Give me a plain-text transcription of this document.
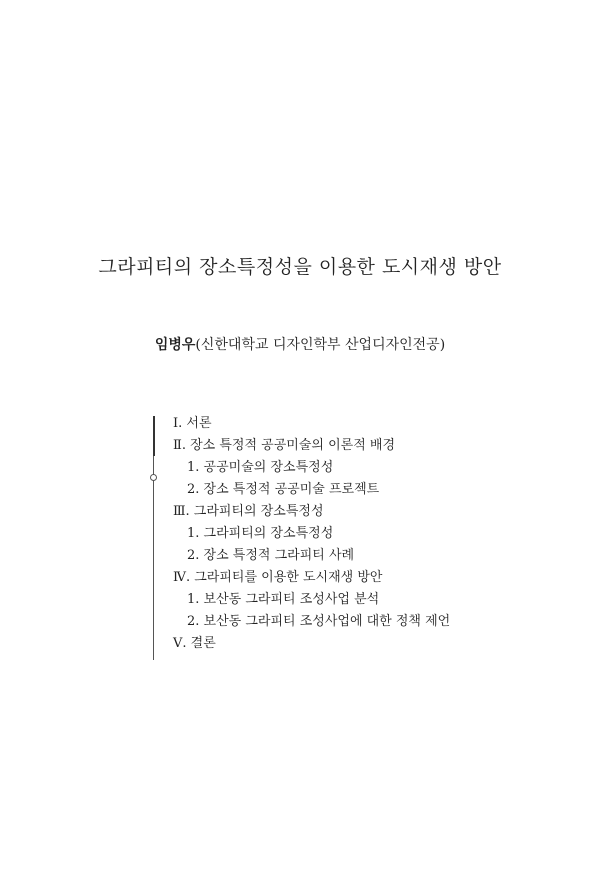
그라피티의 장소특정성을 이용한 도시재생 방안

임병우(신한대학교 디자인학부 산업디자인전공)

Ⅰ. 서론
Ⅱ. 장소 특정적 공공미술의 이론적 배경
1. 공공미술의 장소특정성
2. 장소 특정적 공공미술 프로젝트
Ⅲ. 그라피티의 장소특정성
1. 그라피티의 장소특정성
2. 장소 특정적 그라피티 사례
Ⅳ. 그라피티를 이용한 도시재생 방안
1. 보산동 그라피티 조성사업 분석
2. 보산동 그라피티 조성사업에 대한 정책 제언
Ⅴ. 결론
